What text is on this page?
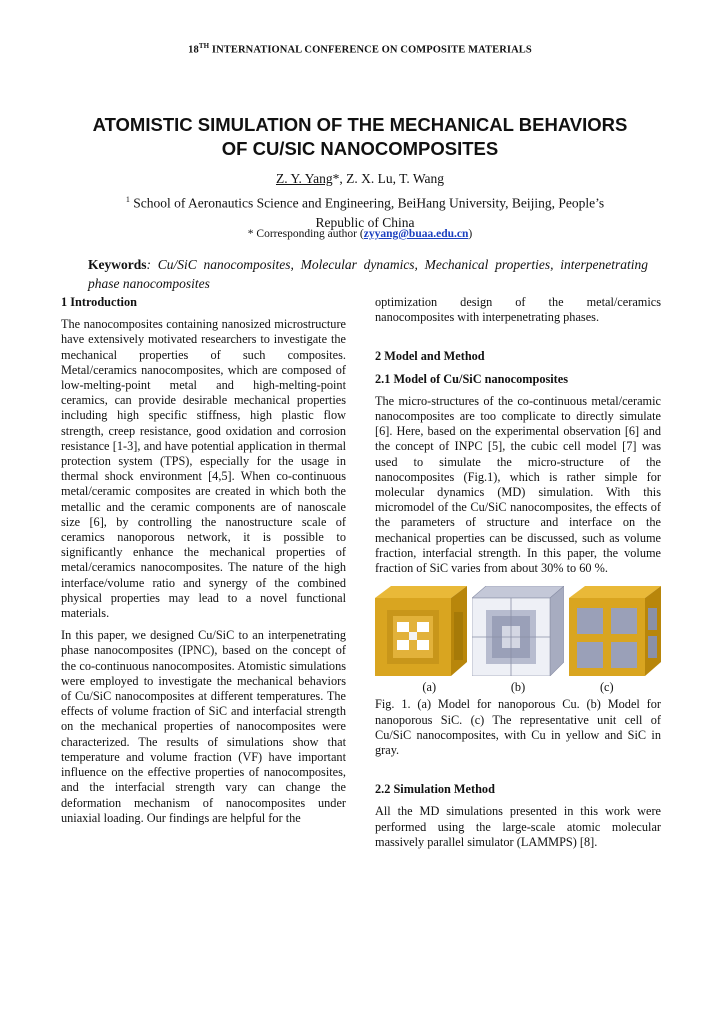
18TH INTERNATIONAL CONFERENCE ON COMPOSITE MATERIALS
ATOMISTIC SIMULATION OF THE MECHANICAL BEHAVIORS
OF CU/SIC NANOCOMPOSITES
Z. Y. Yang*, Z. X. Lu, T. Wang
$^1$ School of Aeronautics Science and Engineering, BeiHang University, Beijing, People’s Republic of China
* Corresponding author (zyyang@buaa.edu.cn)
Keywords: Cu/SiC nanocomposites, Molecular dynamics, Mechanical properties, interpenetrating phase nanocomposites
1 Introduction

The nanocomposites containing nanosized microstructure have extensively motivated researchers to investigate the mechanical properties of such composites. Metal/ceramics nanocomposites, which are composed of low-melting-point metal and high-melting-point ceramics, can provide desirable mechanical properties including high specific stiffness, high plastic flow strength, creep resistance, good oxidation and corrosion resistance [1-3], and have potential application in thermal protection system (TPS), especially for the usage in thermal shock environment [4,5]. When co-continuous metal/ceramic composites are created in which both the metallic and the ceramic components are of nanoscale size [6], by controlling the nanostructure scale of ceramics nanoporous network, it is possible to significantly enhance the mechanical properties of metal/ceramics nanocomposites. The nature of the high interface/volume ratio and synergy of the combined physical properties may lead to a novel functional materials.

In this paper, we designed Cu/SiC to an interpenetrating phase nanocomposites (IPNC), based on the concept of the co-continuous nanocomposites. Atomistic simulations were employed to investigate the mechanical behaviors of Cu/SiC nanocomposites at different temperatures. The effects of volume fraction of SiC and interfacial strength on the mechanical properties of nanocomposites were characterized. The results of simulations show that temperature and volume fraction (VF) have important influence on the effective properties of nanocomposites, and the interfacial strength vary can change the deformation mechanism of nanocomposites under uniaxial loading. Our findings are helpful for the

optimization design of the metal/ceramics nanocomposites with interpenetrating phases.

2 Model and Method
2.1 Model of Cu/SiC nanocomposites

The micro-structures of the co-continuous metal/ceramic nanocomposites are too complicate to directly simulate [6]. Here, based on the experimental observation [6] and the concept of INPC [5], the cubic cell model [7] was used to simulate the micro-structure of the nanocomposites (Fig.1), which is rather simple for molecular dynamics (MD) simulation. With this micromodel of the Cu/SiC nanocomposites, the effects of the parameters of structure and interface on the mechanical properties can be discussed, such as volume fraction, interfacial strength. In this paper, the volume fraction of SiC varies from about 30% to 60 %.

(a)	(b)	(c)

Fig. 1. (a) Model for nanoporous Cu. (b) Model for nanoporous SiC. (c) The representative unit cell of Cu/SiC nanocomposites, with Cu in yellow and SiC in gray.

2.2 Simulation Method

All the MD simulations presented in this work were performed using the large-scale atomic molecular massively parallel simulator (LAMMPS) [8].
